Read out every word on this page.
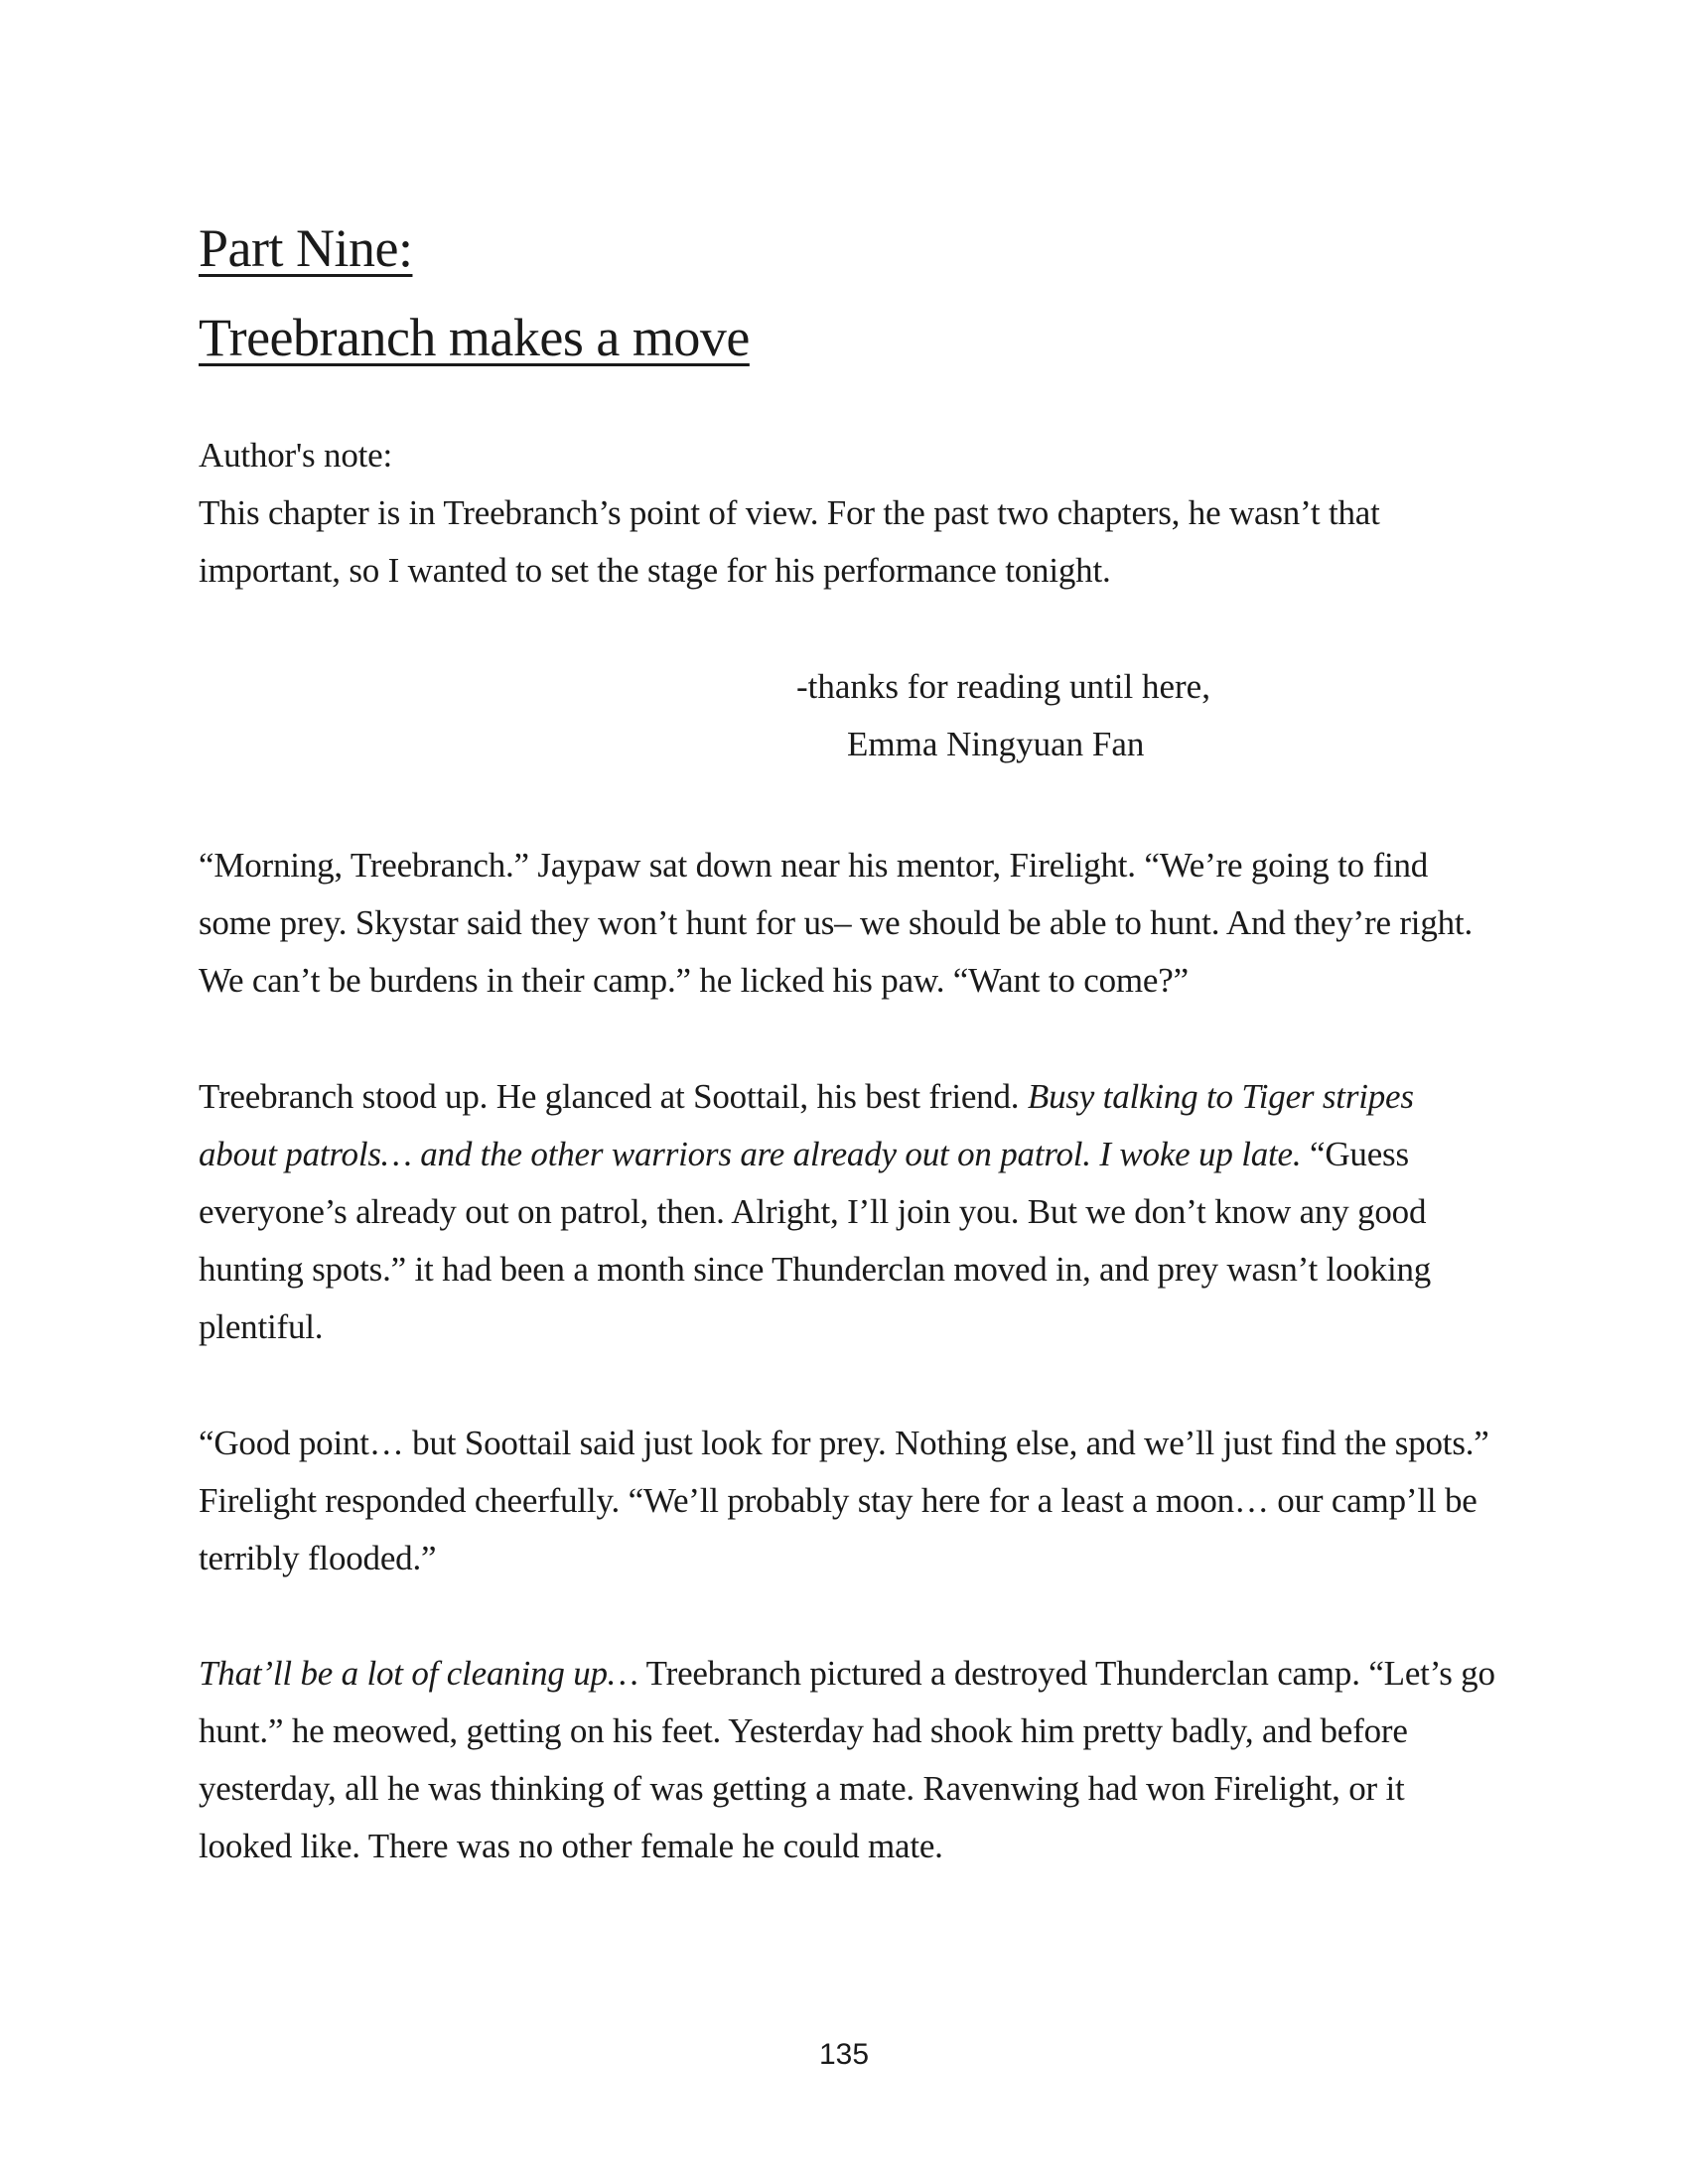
Part Nine:
Treebranch makes a move

Author's note:

This chapter is in Treebranch’s point of view. For the past two chapters, he wasn’t that important, so I wanted to set the stage for his performance tonight.

-thanks for reading until here,
Emma Ningyuan Fan

“Morning, Treebranch.” Jaypaw sat down near his mentor, Firelight. “We’re going to find some prey. Skystar said they won’t hunt for us– we should be able to hunt. And they’re right. We can’t be burdens in their camp.” he licked his paw. “Want to come?”

Treebranch stood up. He glanced at Soottail, his best friend. Busy talking to Tiger stripes about patrols… and the other warriors are already out on patrol. I woke up late. “Guess everyone’s already out on patrol, then. Alright, I’ll join you. But we don’t know any good hunting spots.” it had been a month since Thunderclan moved in, and prey wasn’t looking plentiful.

“Good point… but Soottail said just look for prey. Nothing else, and we’ll just find the spots.” Firelight responded cheerfully. “We’ll probably stay here for a least a moon… our camp’ll be terribly flooded.”

That’ll be a lot of cleaning up… Treebranch pictured a destroyed Thunderclan camp. “Let’s go hunt.” he meowed, getting on his feet. Yesterday had shook him pretty badly, and before yesterday, all he was thinking of was getting a mate. Ravenwing had won Firelight, or it looked like. There was no other female he could mate.

135
